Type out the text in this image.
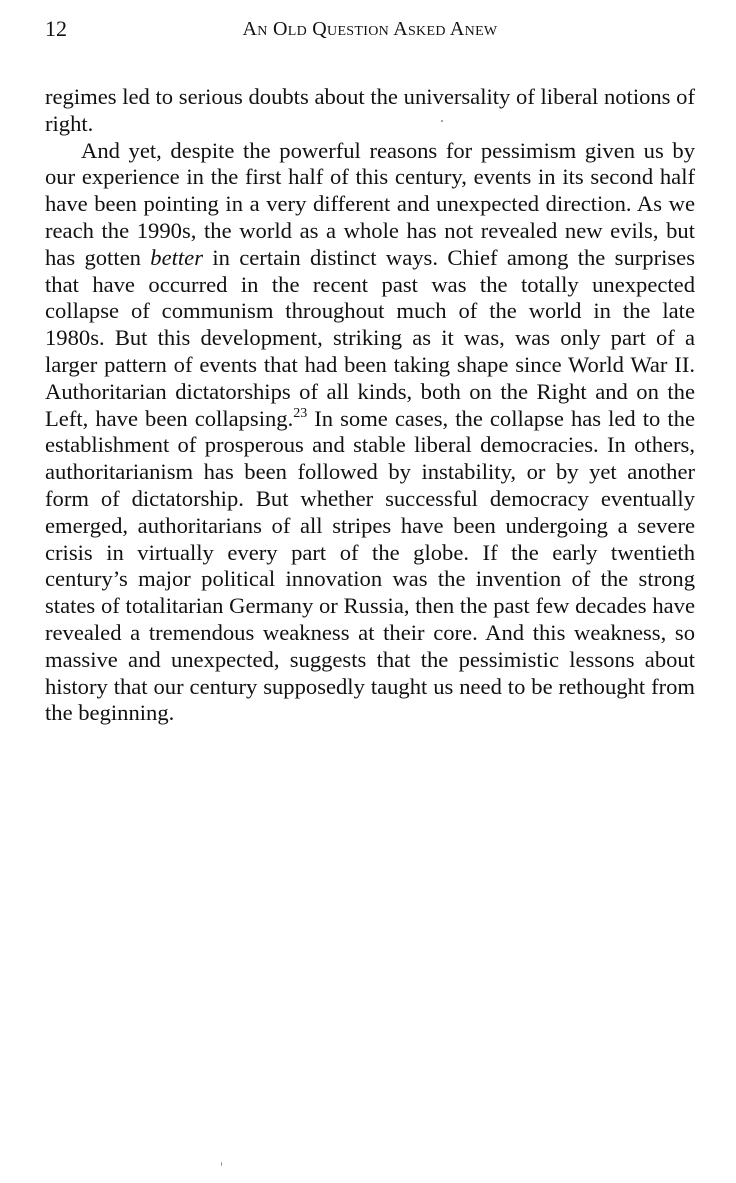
12	An Old Question Asked Anew

regimes led to serious doubts about the universality of liberal notions of right.

And yet, despite the powerful reasons for pessimism given us by our experience in the first half of this century, events in its second half have been pointing in a very different and unexpected direction. As we reach the 1990s, the world as a whole has not revealed new evils, but has gotten better in certain distinct ways. Chief among the surprises that have occurred in the recent past was the totally unexpected collapse of communism throughout much of the world in the late 1980s. But this development, striking as it was, was only part of a larger pattern of events that had been taking shape since World War II. Authoritarian dictatorships of all kinds, both on the Right and on the Left, have been collapsing.$^{23}$ In some cases, the collapse has led to the establishment of prosperous and stable liberal democracies. In others, authoritarianism has been followed by instability, or by yet another form of dictatorship. But whether successful democracy eventually emerged, authoritarians of all stripes have been undergoing a severe crisis in virtually every part of the globe. If the early twentieth century’s major political innovation was the invention of the strong states of totalitarian Germany or Russia, then the past few decades have revealed a tremendous weakness at their core. And this weakness, so massive and unexpected, suggests that the pessimistic lessons about history that our century supposedly taught us need to be rethought from the beginning.
